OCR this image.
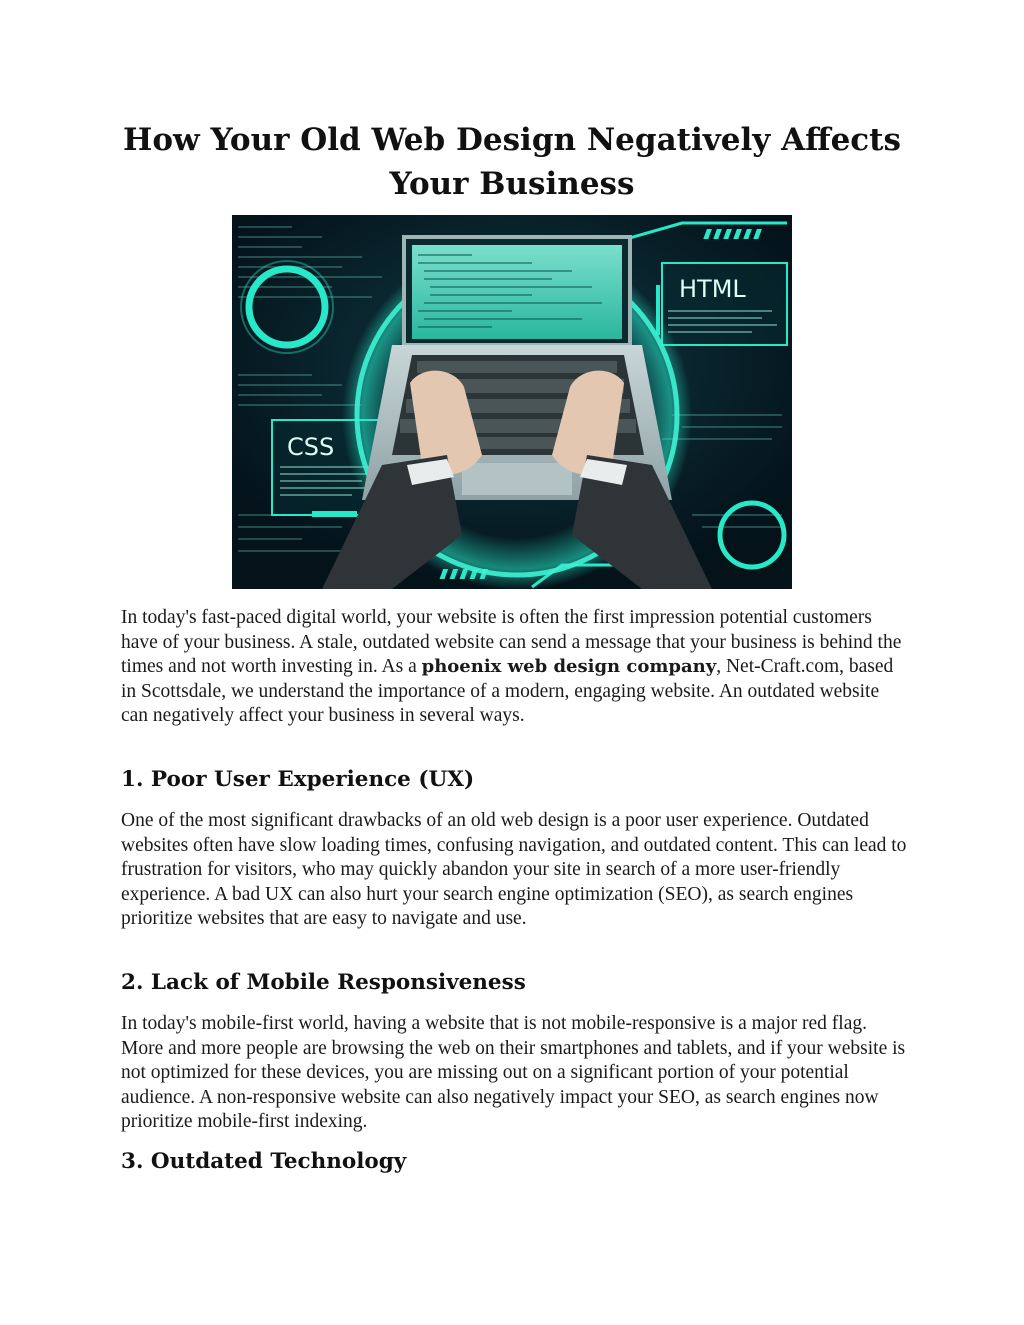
How Your Old Web Design Negatively Affects
Your Business
HTML
CSS

In today's fast-paced digital world, your website is often the first impression potential customers have of your business. A stale, outdated website can send a message that your business is behind the times and not worth investing in. As a phoenix web design company, Net-Craft.com, based in Scottsdale, we understand the importance of a modern, engaging website. An outdated website can negatively affect your business in several ways.

1. Poor User Experience (UX)

One of the most significant drawbacks of an old web design is a poor user experience. Outdated websites often have slow loading times, confusing navigation, and outdated content. This can lead to frustration for visitors, who may quickly abandon your site in search of a more user-friendly experience. A bad UX can also hurt your search engine optimization (SEO), as search engines prioritize websites that are easy to navigate and use.

2. Lack of Mobile Responsiveness

In today's mobile-first world, having a website that is not mobile-responsive is a major red flag. More and more people are browsing the web on their smartphones and tablets, and if your website is not optimized for these devices, you are missing out on a significant portion of your potential audience. A non-responsive website can also negatively impact your SEO, as search engines now prioritize mobile-first indexing.

3. Outdated Technology
